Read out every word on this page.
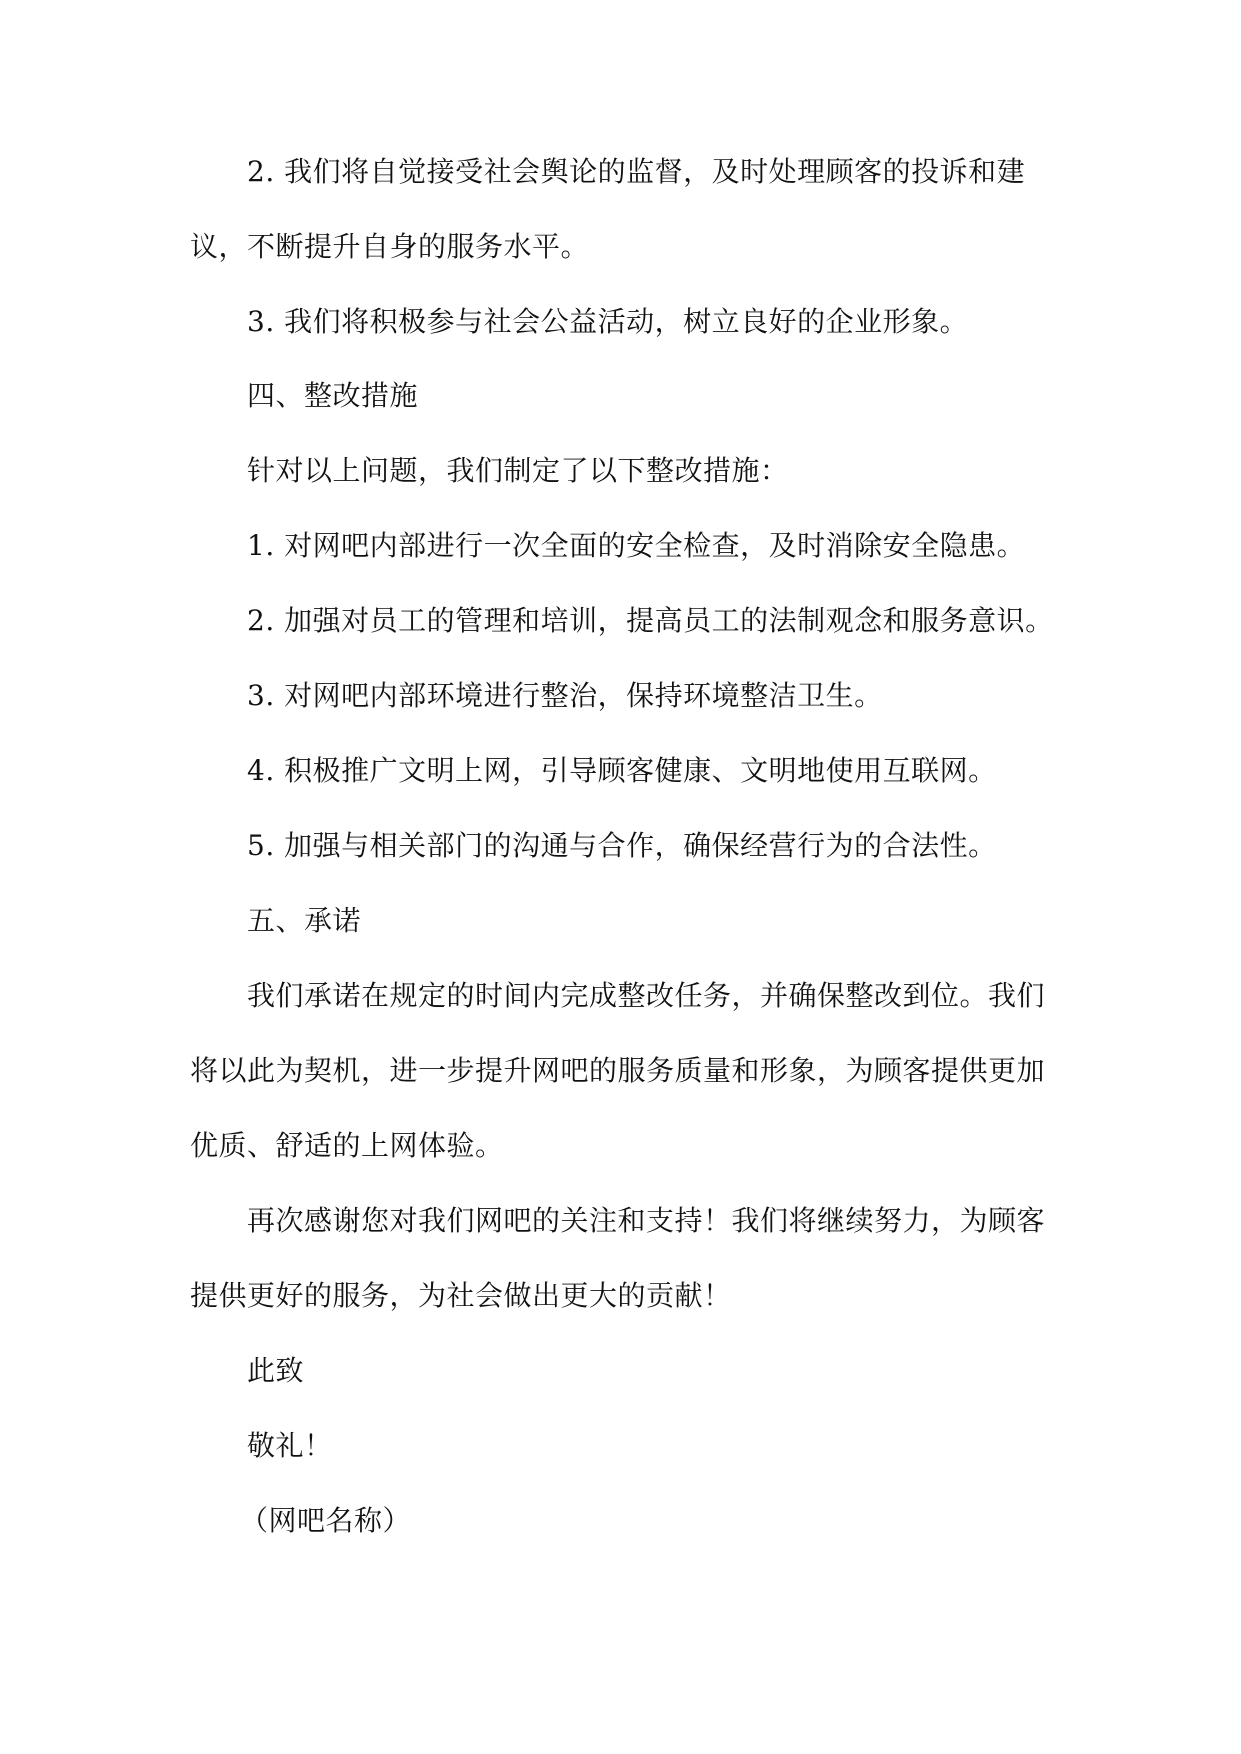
2. 我们将自觉接受社会舆论的监督，及时处理顾客的投诉和建
议，不断提升自身的服务水平。
3. 我们将积极参与社会公益活动，树立良好的企业形象。
四、整改措施
针对以上问题，我们制定了以下整改措施：
1. 对网吧内部进行一次全面的安全检查，及时消除安全隐患。
2. 加强对员工的管理和培训，提高员工的法制观念和服务意识。
3. 对网吧内部环境进行整治，保持环境整洁卫生。
4. 积极推广文明上网，引导顾客健康、文明地使用互联网。
5. 加强与相关部门的沟通与合作，确保经营行为的合法性。
五、承诺
我们承诺在规定的时间内完成整改任务，并确保整改到位。我们
将以此为契机，进一步提升网吧的服务质量和形象，为顾客提供更加
优质、舒适的上网体验。
再次感谢您对我们网吧的关注和支持！我们将继续努力，为顾客
提供更好的服务，为社会做出更大的贡献！
此致
敬礼！
（网吧名称）
